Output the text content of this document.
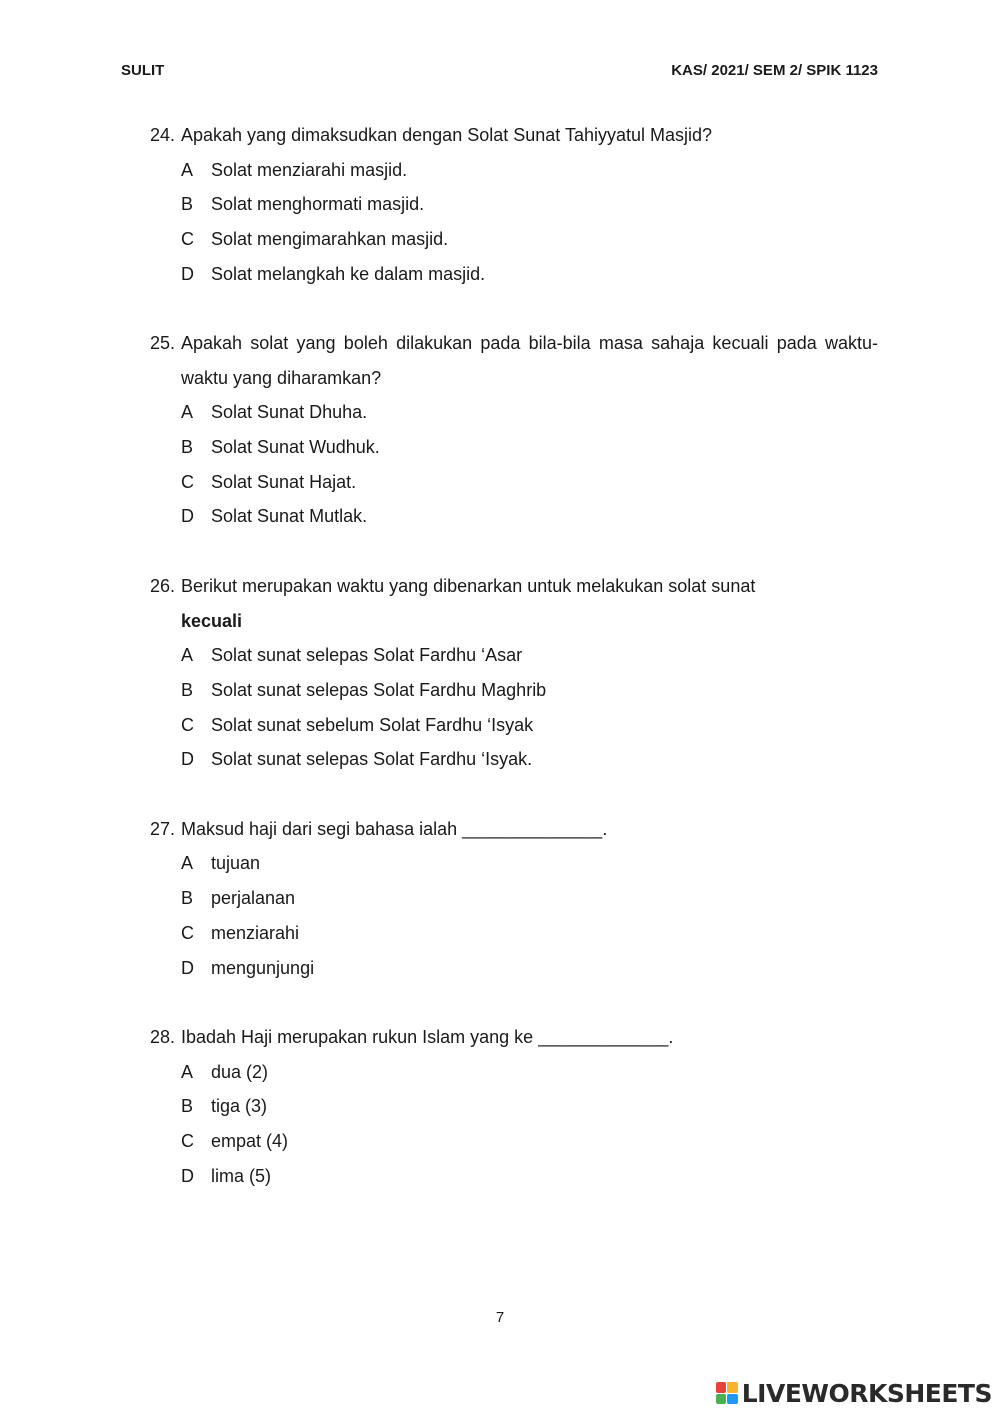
SULIT	KAS/ 2021/ SEM 2/ SPIK 1123
24. Apakah yang dimaksudkan dengan Solat Sunat Tahiyyatul Masjid?
A Solat menziarahi masjid.
B Solat menghormati masjid.
C Solat mengimarahkan masjid.
D Solat melangkah ke dalam masjid.
25. Apakah solat yang boleh dilakukan pada bila-bila masa sahaja kecuali pada waktu-waktu yang diharamkan?
A Solat Sunat Dhuha.
B Solat Sunat Wudhuk.
C Solat Sunat Hajat.
D Solat Sunat Mutlak.
26. Berikut merupakan waktu yang dibenarkan untuk melakukan solat sunat
kecuali
A Solat sunat selepas Solat Fardhu ‘Asar
B Solat sunat selepas Solat Fardhu Maghrib
C Solat sunat sebelum Solat Fardhu ‘Isyak
D Solat sunat selepas Solat Fardhu ‘Isyak.
27. Maksud haji dari segi bahasa ialah ______________.
A tujuan
B perjalanan
C menziarahi
D mengunjungi
28. Ibadah Haji merupakan rukun Islam yang ke _____________.
A dua (2)
B tiga (3)
C empat (4)
D lima (5)
7
LIVEWORKSHEETS
